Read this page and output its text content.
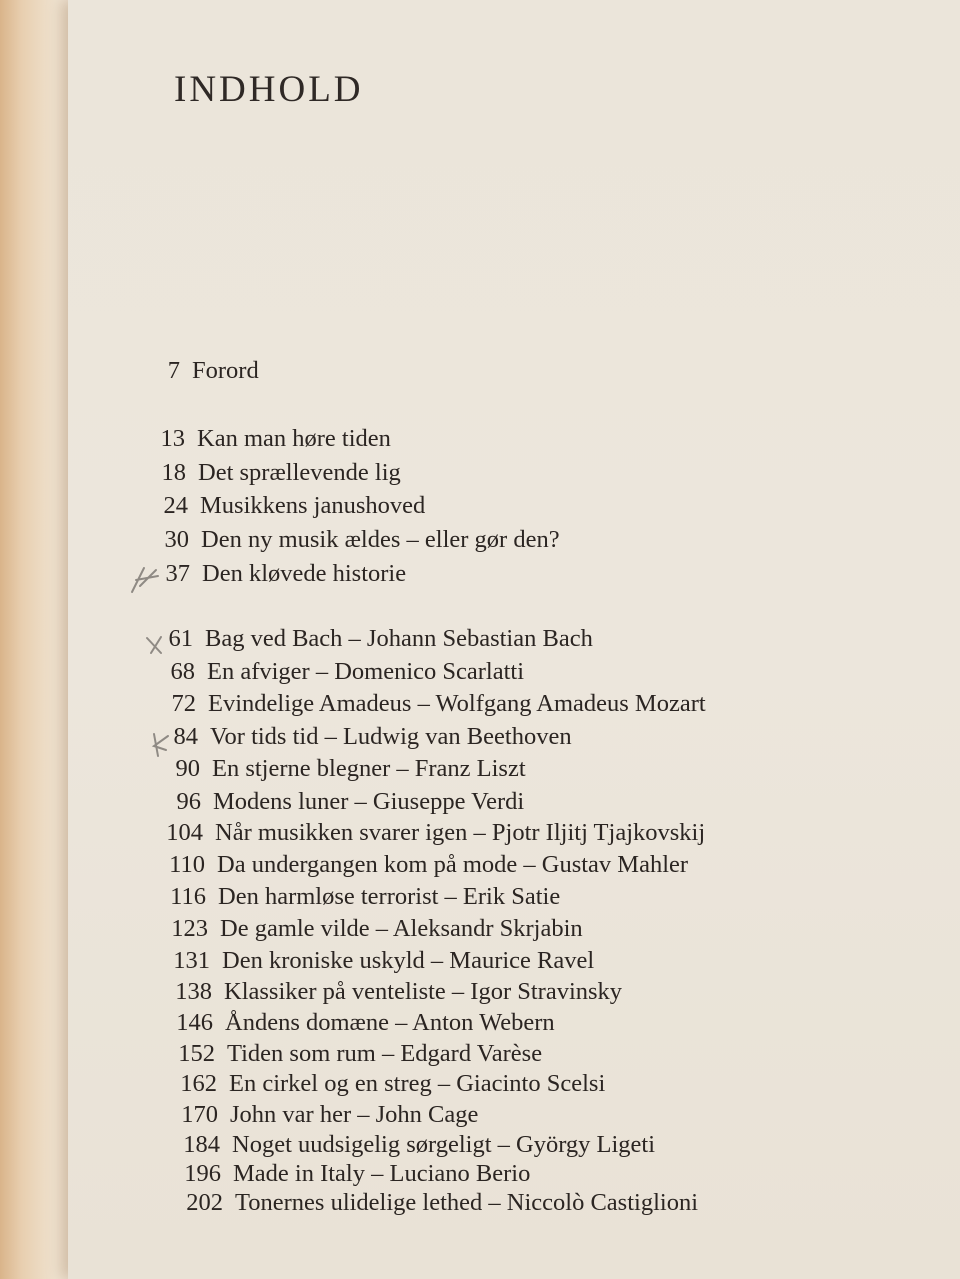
INDHOLD
7 Forord
13 Kan man høre tiden
18 Det sprællevende lig
24 Musikkens janushoved
30 Den ny musik ældes – eller gør den?
37 Den kløvede historie
61 Bag ved Bach – Johann Sebastian Bach
68 En afviger – Domenico Scarlatti
72 Evindelige Amadeus – Wolfgang Amadeus Mozart
84 Vor tids tid – Ludwig van Beethoven
90 En stjerne blegner – Franz Liszt
96 Modens luner – Giuseppe Verdi
104 Når musikken svarer igen – Pjotr Iljitj Tjajkovskij
110 Da undergangen kom på mode – Gustav Mahler
116 Den harmløse terrorist – Erik Satie
123 De gamle vilde – Aleksandr Skrjabin
131 Den kroniske uskyld – Maurice Ravel
138 Klassiker på venteliste – Igor Stravinsky
146 Åndens domæne – Anton Webern
152 Tiden som rum – Edgard Varèse
162 En cirkel og en streg – Giacinto Scelsi
170 John var her – John Cage
184 Noget uudsigelig sørgeligt – György Ligeti
196 Made in Italy – Luciano Berio
202 Tonernes ulidelige lethed – Niccolò Castiglioni
